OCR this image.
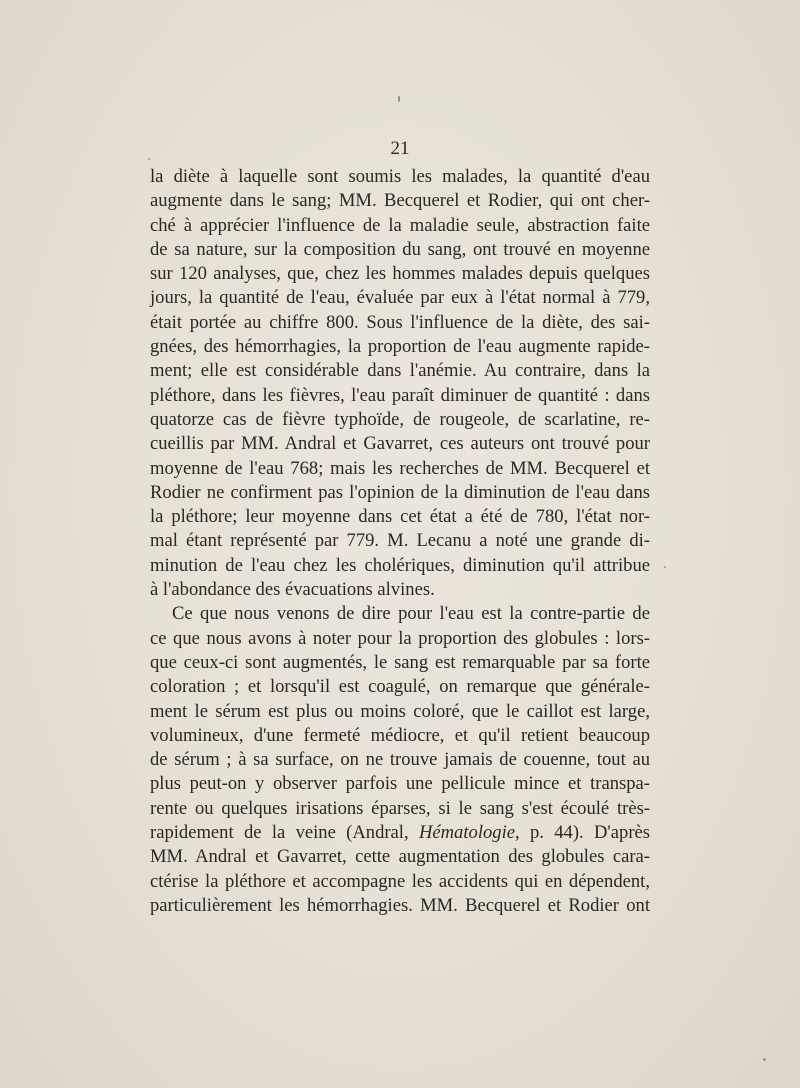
21
la diète à laquelle sont soumis les malades, la quantité d'eau
augmente dans le sang; MM. Becquerel et Rodier, qui ont cher-
ché à apprécier l'influence de la maladie seule, abstraction faite
de sa nature, sur la composition du sang, ont trouvé en moyenne
sur 120 analyses, que, chez les hommes malades depuis quelques
jours, la quantité de l'eau, évaluée par eux à l'état normal à 779,
était portée au chiffre 800. Sous l'influence de la diète, des sai-
gnées, des hémorrhagies, la proportion de l'eau augmente rapide-
ment; elle est considérable dans l'anémie. Au contraire, dans la
pléthore, dans les fièvres, l'eau paraît diminuer de quantité : dans
quatorze cas de fièvre typhoïde, de rougeole, de scarlatine, re-
cueillis par MM. Andral et Gavarret, ces auteurs ont trouvé pour
moyenne de l'eau 768; mais les recherches de MM. Becquerel et
Rodier ne confirment pas l'opinion de la diminution de l'eau dans
la pléthore; leur moyenne dans cet état a été de 780, l'état nor-
mal étant représenté par 779. M. Lecanu a noté une grande di-
minution de l'eau chez les cholériques, diminution qu'il attribue
à l'abondance des évacuations alvines.
Ce que nous venons de dire pour l'eau est la contre-partie de
ce que nous avons à noter pour la proportion des globules : lors-
que ceux-ci sont augmentés, le sang est remarquable par sa forte
coloration ; et lorsqu'il est coagulé, on remarque que générale-
ment le sérum est plus ou moins coloré, que le caillot est large,
volumineux, d'une fermeté médiocre, et qu'il retient beaucoup
de sérum ; à sa surface, on ne trouve jamais de couenne, tout au
plus peut-on y observer parfois une pellicule mince et transpa-
rente ou quelques irisations éparses, si le sang s'est écoulé très-
rapidement de la veine (Andral, Hématologie, p. 44). D'après
MM. Andral et Gavarret, cette augmentation des globules cara-
ctérise la pléthore et accompagne les accidents qui en dépendent,
particulièrement les hémorrhagies. MM. Becquerel et Rodier ont
